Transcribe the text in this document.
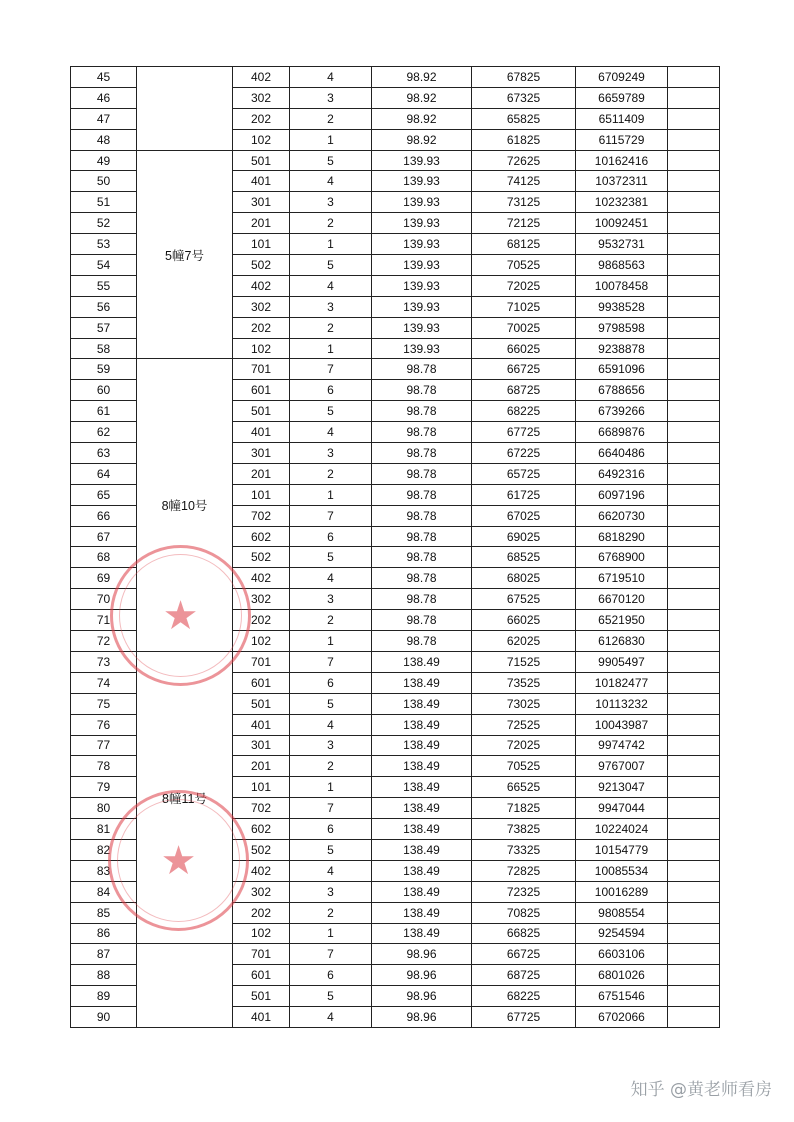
45		402	4	98.92	67825	6709249	
46		302	3	98.92	67325	6659789	
47		202	2	98.92	65825	6511409	
48		102	1	98.92	61825	6115729	
49	5幢7号	501	5	139.93	72625	10162416	
50		401	4	139.93	74125	10372311	
51		301	3	139.93	73125	10232381	
52		201	2	139.93	72125	10092451	
53		101	1	139.93	68125	9532731	
54		502	5	139.93	70525	9868563	
55		402	4	139.93	72025	10078458	
56		302	3	139.93	71025	9938528	
57		202	2	139.93	70025	9798598	
58		102	1	139.93	66025	9238878	
59	8幢10号	701	7	98.78	66725	6591096	
60		601	6	98.78	68725	6788656	
61		501	5	98.78	68225	6739266	
62		401	4	98.78	67725	6689876	
63		301	3	98.78	67225	6640486	
64		201	2	98.78	65725	6492316	
65		101	1	98.78	61725	6097196	
66		702	7	98.78	67025	6620730	
67		602	6	98.78	69025	6818290	
68		502	5	98.78	68525	6768900	
69		402	4	98.78	68025	6719510	
70		302	3	98.78	67525	6670120	
71		202	2	98.78	66025	6521950	
72		102	1	98.78	62025	6126830	
73	8幢11号	701	7	138.49	71525	9905497	
74		601	6	138.49	73525	10182477	
75		501	5	138.49	73025	10113232	
76		401	4	138.49	72525	10043987	
77		301	3	138.49	72025	9974742	
78		201	2	138.49	70525	9767007	
79		101	1	138.49	66525	9213047	
80		702	7	138.49	71825	9947044	
81		602	6	138.49	73825	10224024	
82		502	5	138.49	73325	10154779	
83		402	4	138.49	72825	10085534	
84		302	3	138.49	72325	10016289	
85		202	2	138.49	70825	9808554	
86		102	1	138.49	66825	9254594	
87		701	7	98.96	66725	6603106	
88		601	6	98.96	68725	6801026	
89		501	5	98.96	68225	6751546	
90		401	4	98.96	67725	6702066	
★
★
知乎 @黄老师看房
